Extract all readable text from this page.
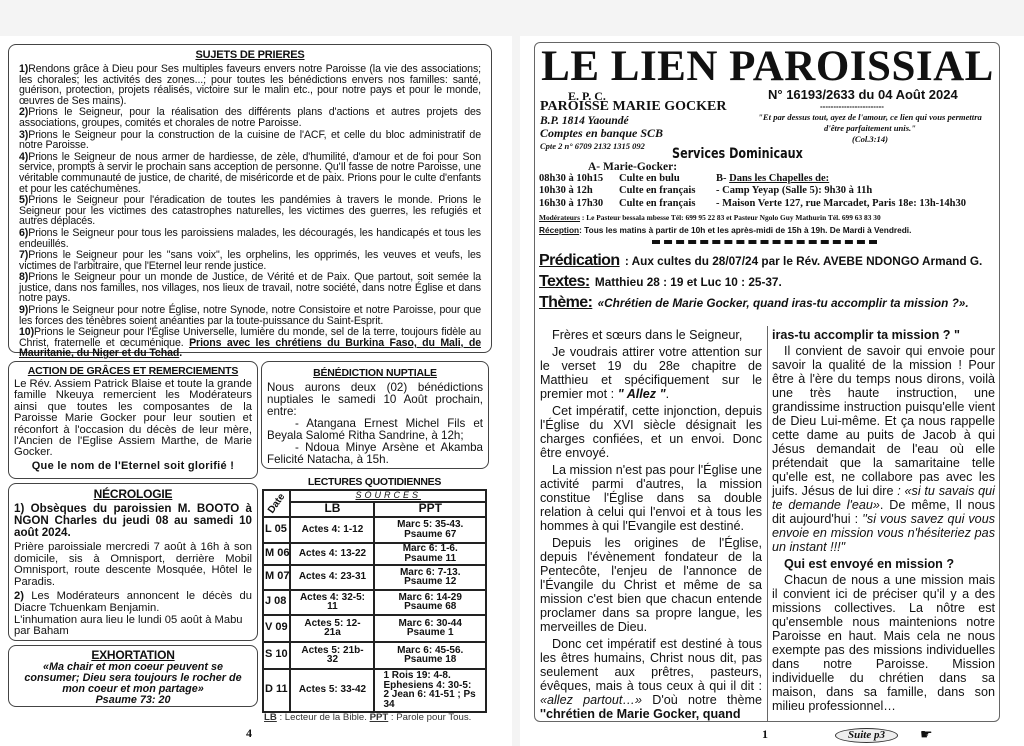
SUJETS DE PRIERES
1)Rendons grâce à Dieu pour Ses multiples faveurs envers notre Paroisse (la vie des associations; les chorales; les activités des zones...; pour toutes les bénédictions envers nos familles: santé, guérison, protection, projets réalisés, victoire sur le malin etc., pour notre pays et pour le monde, œuvres de Ses mains).
2)Prions le Seigneur, pour la réalisation des différents plans d'actions et autres projets des associations, groupes, comités et chorales de notre Paroisse.
3)Prions le Seigneur pour la construction de la cuisine de l'ACF, et celle du bloc administratif de notre Paroisse.
4)Prions le Seigneur de nous armer de hardiesse, de zèle, d'humilité, d'amour et de foi pour Son service, prompts à servir le prochain sans acception de personne. Qu'Il fasse de notre Paroisse, une véritable communauté de justice, de charité, de miséricorde et de paix. Prions pour le culte d'enfants et pour les catéchumènes.
5)Prions le Seigneur pour l'éradication de toutes les pandémies à travers le monde. Prions le Seigneur pour les victimes des catastrophes naturelles, les victimes des guerres, les refugiés et autres déplacés.
6)Prions le Seigneur pour tous les paroissiens malades, les découragés, les handicapés et tous les endeuillés.
7)Prions le Seigneur pour les "sans voix", les orphelins, les opprimés, les veuves et veufs, les victimes de l'arbitraire, que l'Eternel leur rende justice.
8)Prions le Seigneur pour un monde de Justice, de Vérité et de Paix. Que partout, soit semée la justice, dans nos familles, nos villages, nos lieux de travail, notre société, dans notre Église et dans notre pays.
9)Prions le Seigneur pour notre Église, notre Synode, notre Consistoire et notre Paroisse, pour que les forces des ténèbres soient anéanties par la toute-puissance du Saint-Esprit.
10)Prions le Seigneur pour l'Église Universelle, lumière du monde, sel de la terre, toujours fidèle au Christ, fraternelle et œcuménique. Prions avec les chrétiens du Burkina Faso, du Mali, de Mauritanie, du Niger et du Tchad.
ACTION DE GRÂCES ET REMERCIEMENTS
Le Rév. Assiem Patrick Blaise et toute la grande famille Nkeuya remercient les Modérateurs ainsi que toutes les composantes de la Paroisse Marie Gocker pour leur soutien et réconfort à l'occasion du décès de leur mère, l'Ancien de l'Eglise Assiem Marthe, de Marie Gocker.
Que le nom de l'Eternel soit glorifié !
BÉNÉDICTION NUPTIALE
Nous aurons deux (02) bénédictions nuptiales le samedi 10 Août prochain, entre:
- Atangana Ernest Michel Fils et Beyala Salomé Ritha Sandrine, à 12h;
- Ndoua Minye Arsène et Akamba Felicité Natacha, à 15h.
NÉCROLOGIE
1) Obsèques du paroissien M. BOOTO à NGON Charles du jeudi 08 au samedi 10 août 2024.
Prière paroissiale mercredi 7 août à 16h à son domicile, sis à Omnisport, derrière Mobil Omnisport, route descente Mosquée, Hôtel le Paradis.
2) Les Modérateurs annoncent le décès du Diacre Tchuenkam Benjamin.
L'inhumation aura lieu le lundi 05 août à Mabu par Baham
EXHORTATION
«Ma chair et mon coeur peuvent se consumer; Dieu sera toujours le rocher de mon coeur et mon partage»
Psaume 73: 20
LECTURES QUOTIDIENNES
Date	SOURCES	
	LB	PPT
L 05	Actes 4: 1-12	Marc 5: 35-43. Psaume 67
M 06	Actes 4: 13-22	Marc 6: 1-6. Psaume 11
M 07	Actes 4: 23-31	Marc 6: 7-13. Psaume 12
J 08	Actes 4: 32-5: 11	Marc 6: 14-29 Psaume 68
V 09	Actes 5: 12-21a	Marc 6: 30-44 Psaume 1
S 10	Actes 5: 21b-32	Marc 6: 45-56. Psaume 18
D 11	Actes 5: 33-42	1 Rois 19: 4-8. Ephesiens 4: 30-5: 2 Jean 6: 41-51 ; Ps 34
LB : Lecteur de la Bible. PPT : Parole pour Tous.
4
LE LIEN PAROISSIAL
E. P. C.
PAROISSE MARIE GOCKER
B.P. 1814 Yaoundé
Comptes en banque SCB
Cpte 2 n° 6709 2132 1315 092
N° 16193/2633 du 04 Août 2024
------------------------
"Et par dessus tout, ayez de l'amour, ce lien qui vous permettra d'être parfaitement unis."
(Col.3:14)
Services Dominicaux
A- Marie-Gocker:
08h30 à 10h15 Culte en bulu
10h30 à 12h	Culte en français
16h30 à 17h30 Culte en français
B- Dans les Chapelles de:
- Camp Yeyap (Salle 5): 9h30 à 11h
- Maison Verte 127, rue Marcadet, Paris 18e: 13h-14h30
Modérateurs : Le Pasteur bessala mbesse Tél: 699 95 22 83 et Pasteur Ngolo Guy Mathurin Tél. 699 63 83 30
Réception: Tous les matins à partir de 10h et les après-midi de 15h à 19h. De Mardi à Vendredi.
Prédication : Aux cultes du 28/07/24 par le Rév. AVEBE NDONGO Armand G.
Textes: Matthieu 28 : 19 et Luc 10 : 25-37.
Thème: «Chrétien de Marie Gocker, quand iras-tu accomplir ta mission ?».

Frères et sœurs dans le Seigneur,

Je voudrais attirer votre attention sur le verset 19 du 28e chapitre de Matthieu et spécifiquement sur le premier mot : " Allez ".

Cet impératif, cette injonction, depuis l'Église du XVI siècle désignait les charges confiées, et un envoi. Donc être envoyé.

La mission n'est pas pour l'Église une activité parmi d'autres, la mission constitue l'Église dans sa double relation à celui qui l'envoi et à tous les hommes à qui l'Evangile est destiné.

Depuis les origines de l'Église, depuis l'évènement fondateur de la Pentecôte, l'enjeu de l'annonce de l'Évangile du Christ et même de sa mission c'est bien que chacun entende proclamer dans sa propre langue, les merveilles de Dieu.

Donc cet impératif est destiné à tous les êtres humains, Christ nous dit, pas seulement aux prêtres, pasteurs, évêques, mais à tous ceux à qui il dit : «allez partout…» D'où notre thème ''chrétien de Marie Gocker, quand

iras-tu accomplir ta mission ? "

Il convient de savoir qui envoie pour savoir la qualité de la mission ! Pour être à l'ère du temps nous dirons, voilà une très haute instruction, une grandissime instruction puisqu'elle vient de Dieu Lui-même. Et ça nous rappelle cette dame au puits de Jacob à qui Jésus demandait de l'eau où elle prétendait que la samaritaine telle qu'elle est, ne collabore pas avec les juifs. Jésus de lui dire : «si tu savais qui te demande l'eau». De même, Il nous dit aujourd'hui : ''si vous savez qui vous envoie en mission vous n'hésiteriez pas un instant !!!"

Qui est envoyé en mission ?

Chacun de nous a une mission mais il convient ici de préciser qu'il y a des missions collectives. La nôtre est qu'ensemble nous maintenions notre Paroisse en haut. Mais cela ne nous exempte pas des missions individuelles dans notre Paroisse. Mission individuelle du chrétien dans sa maison, dans sa famille, dans son milieu professionnel…

1	Suite p3	☛
